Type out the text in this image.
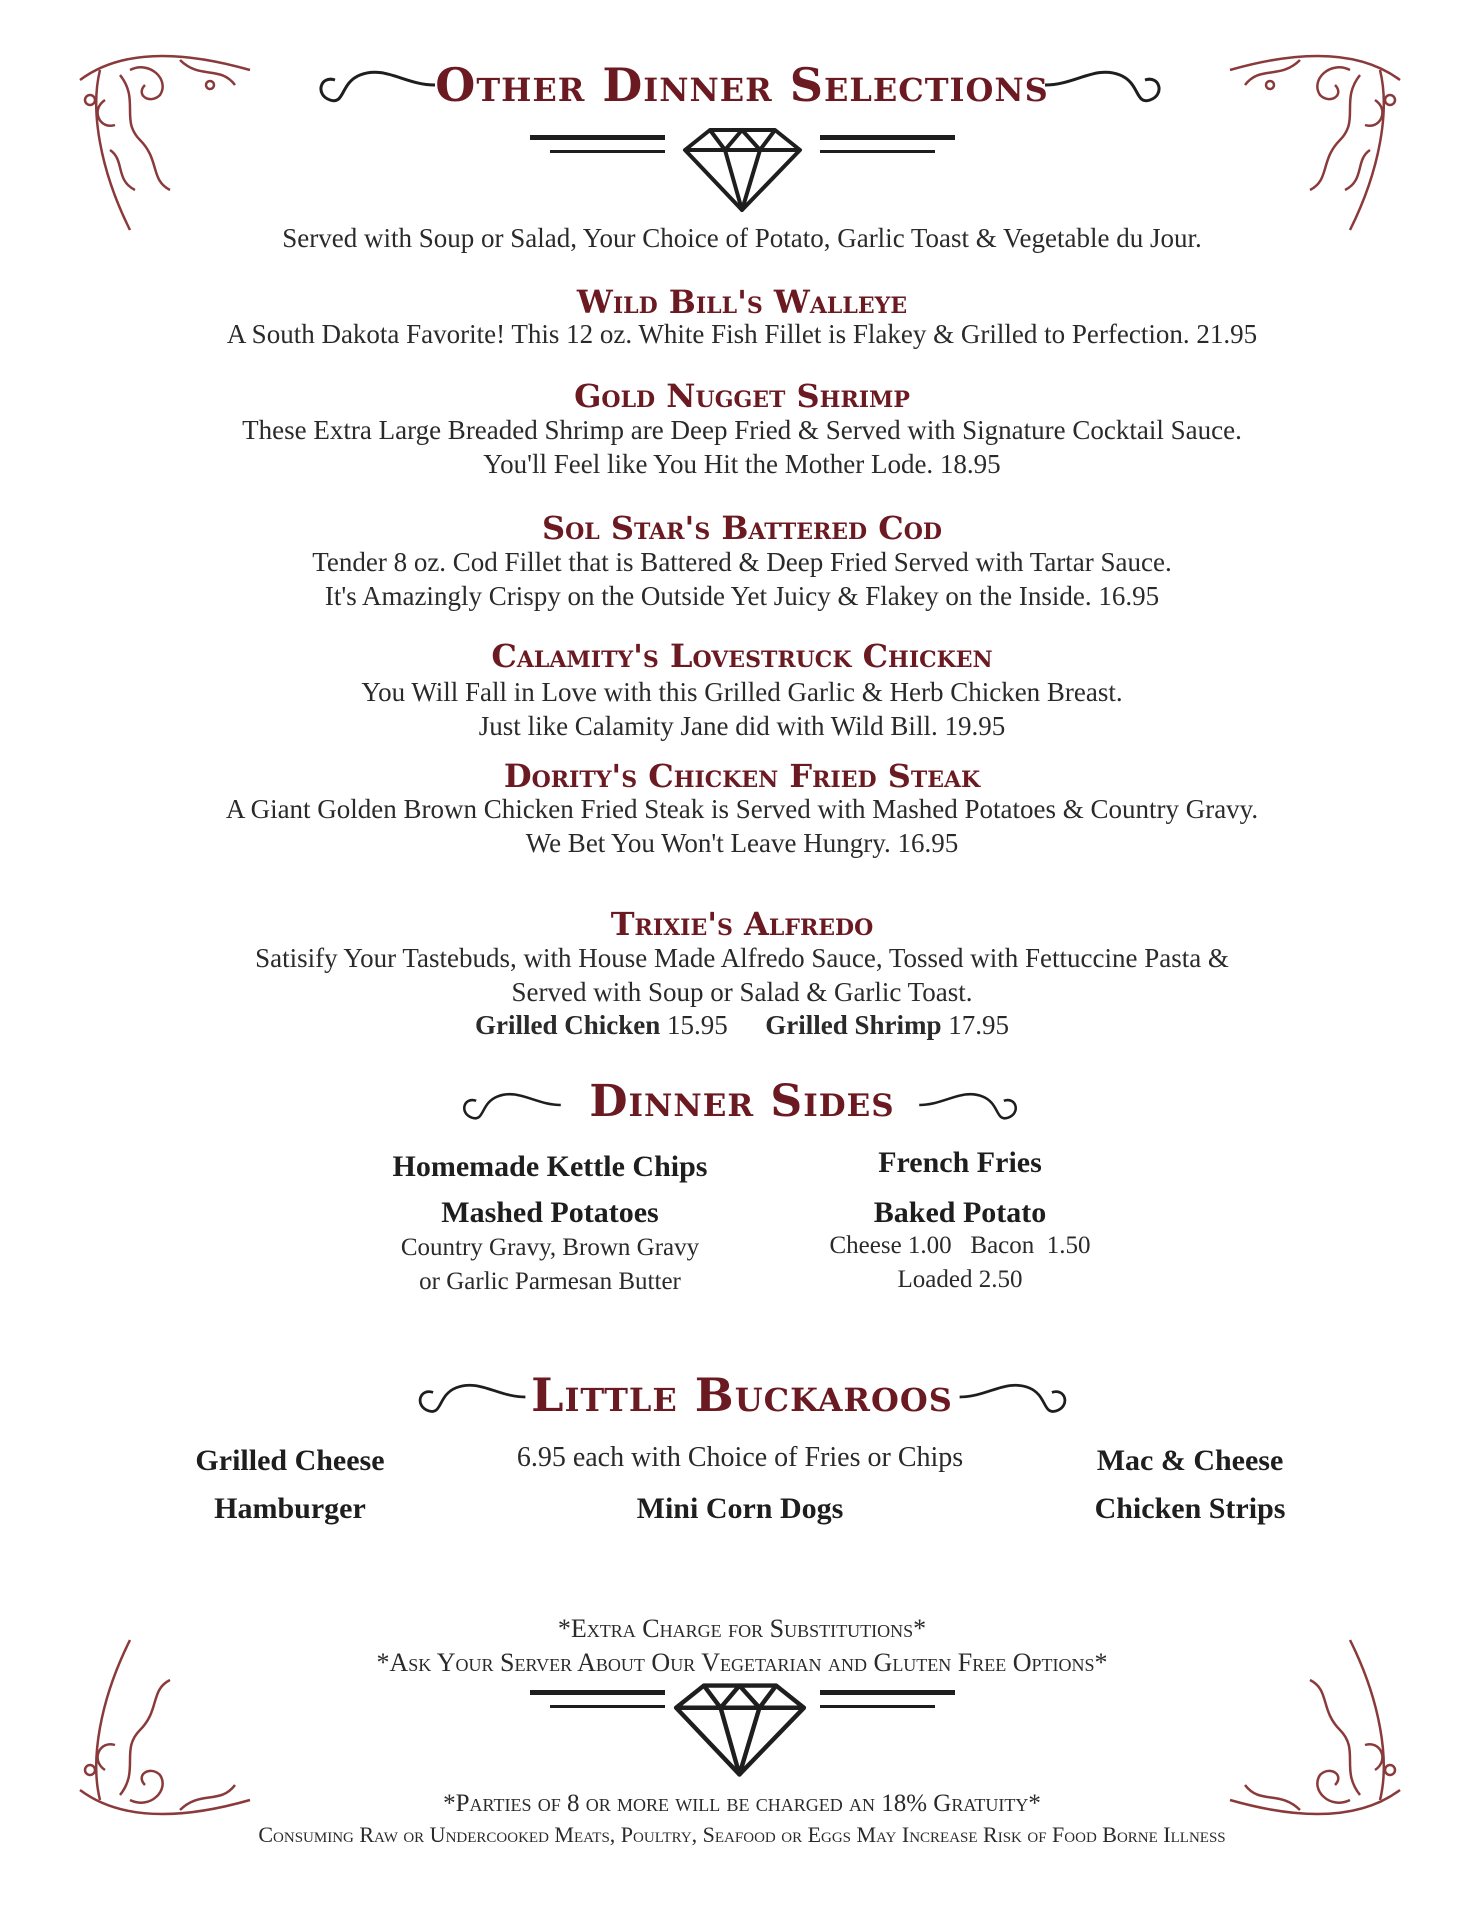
Other Dinner Selections
Served with Soup or Salad, Your Choice of Potato, Garlic Toast & Vegetable du Jour.
Wild Bill's Walleye
A South Dakota Favorite! This 12 oz. White Fish Fillet is Flakey & Grilled to Perfection. 21.95
Gold Nugget Shrimp
These Extra Large Breaded Shrimp are Deep Fried & Served with Signature Cocktail Sauce.
You'll Feel like You Hit the Mother Lode. 18.95
Sol Star's Battered Cod
Tender 8 oz. Cod Fillet that is Battered & Deep Fried Served with Tartar Sauce.
It's Amazingly Crispy on the Outside Yet Juicy & Flakey on the Inside. 16.95
Calamity's Lovestruck Chicken
You Will Fall in Love with this Grilled Garlic & Herb Chicken Breast.
Just like Calamity Jane did with Wild Bill. 19.95
Dority's Chicken Fried Steak
A Giant Golden Brown Chicken Fried Steak is Served with Mashed Potatoes & Country Gravy.
We Bet You Won't Leave Hungry. 16.95
Trixie's Alfredo
Satisify Your Tastebuds, with House Made Alfredo Sauce, Tossed with Fettuccine Pasta &
Served with Soup or Salad & Garlic Toast.
Grilled Chicken 15.95 Grilled Shrimp 17.95
Dinner Sides
Homemade Kettle Chips
Mashed Potatoes
Country Gravy, Brown Gravy
or Garlic Parmesan Butter
French Fries
Baked Potato
Cheese 1.00   Bacon  1.50
Loaded 2.50
Little Buckaroos
Grilled Cheese
Hamburger
6.95 each with Choice of Fries or Chips
Mini Corn Dogs
Mac & Cheese
Chicken Strips
*Extra Charge for Substitutions*
*Ask Your Server About Our Vegetarian and Gluten Free Options*
*Parties of 8 or more will be charged an 18% Gratuity*
Consuming Raw or Undercooked Meats, Poultry, Seafood or Eggs May Increase Risk of Food Borne Illness
